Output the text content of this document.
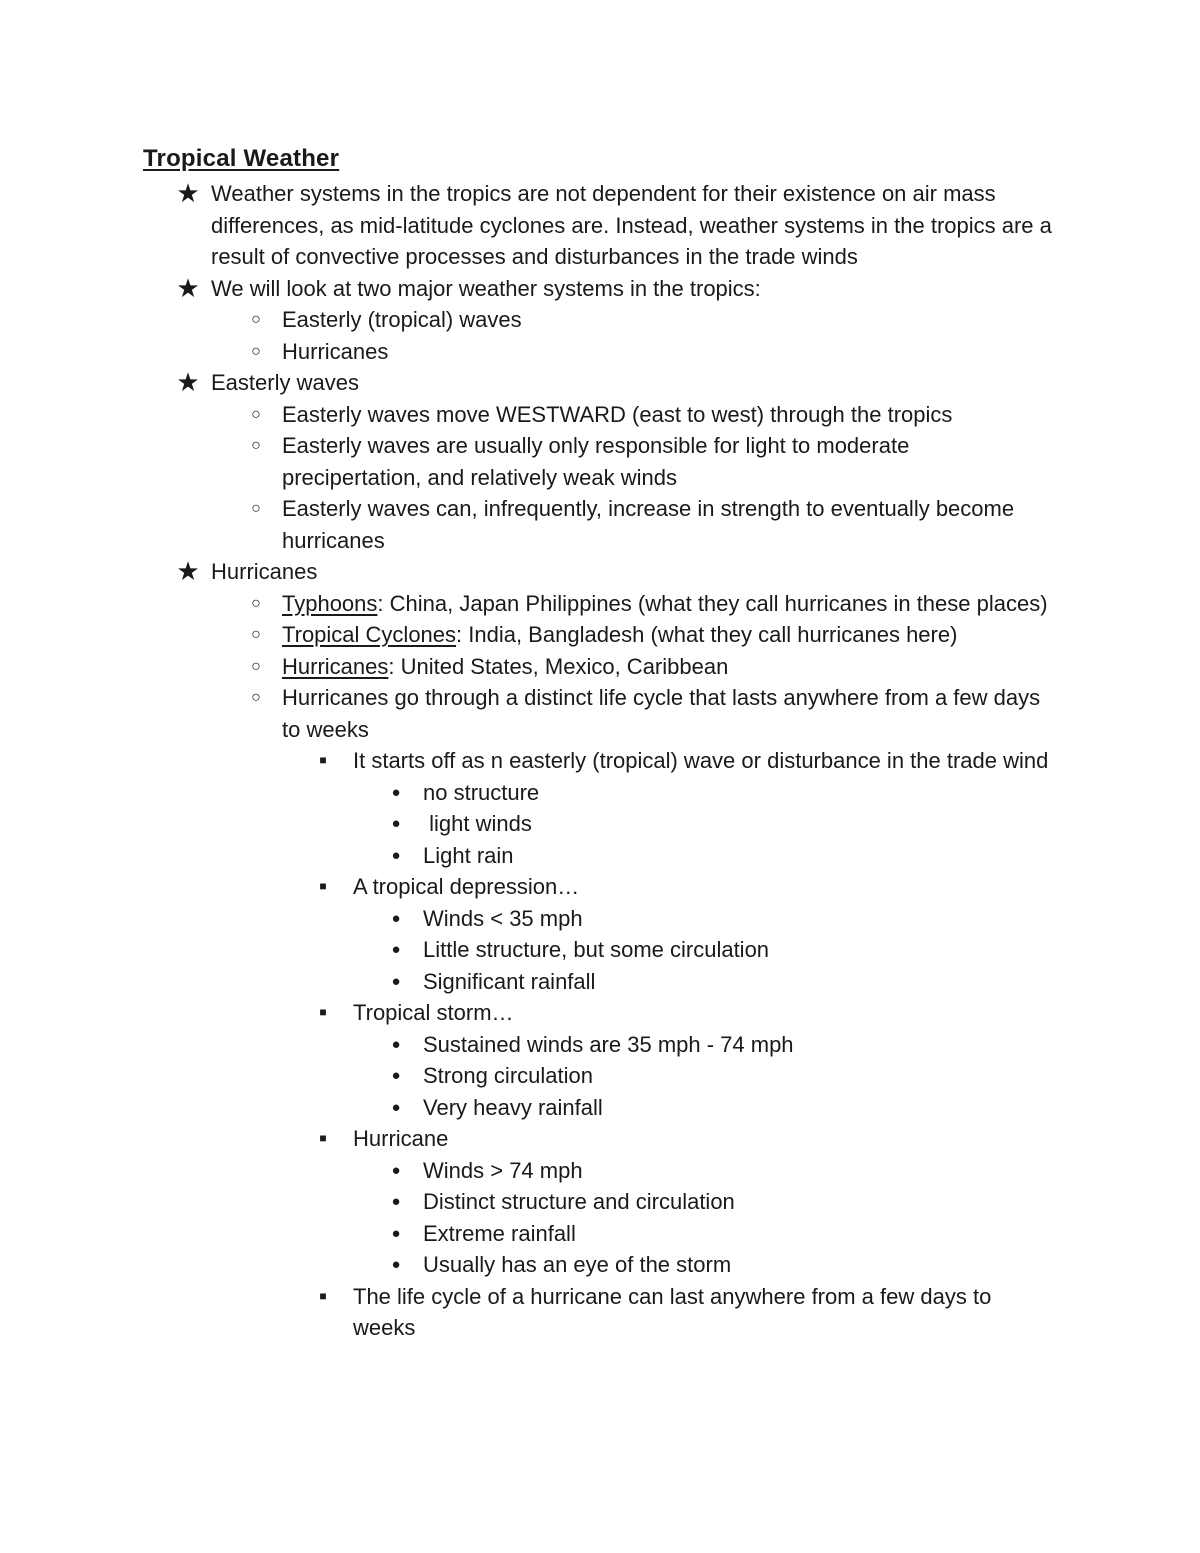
Tropical Weather
★ Weather systems in the tropics are not dependent for their existence on air mass differences, as mid-latitude cyclones are. Instead, weather systems in the tropics are a result of convective processes and disturbances in the trade winds
★ We will look at two major weather systems in the tropics:
○ Easterly (tropical) waves
○ Hurricanes
★ Easterly waves
○ Easterly waves move WESTWARD (east to west) through the tropics
○ Easterly waves are usually only responsible for light to moderate precipertation, and relatively weak winds
○ Easterly waves can, infrequently, increase in strength to eventually become hurricanes
★ Hurricanes
○ Typhoons: China, Japan Philippines (what they call hurricanes in these places)
○ Tropical Cyclones: India, Bangladesh (what they call hurricanes here)
○ Hurricanes: United States, Mexico, Caribbean
○ Hurricanes go through a distinct life cycle that lasts anywhere from a few days to weeks
■ It starts off as n easterly (tropical) wave or disturbance in the trade wind
● no structure
● light winds
● Light rain
■ A tropical depression…
● Winds < 35 mph
● Little structure, but some circulation
● Significant rainfall
■ Tropical storm…
● Sustained winds are 35 mph - 74 mph
● Strong circulation
● Very heavy rainfall
■ Hurricane
● Winds > 74 mph
● Distinct structure and circulation
● Extreme rainfall
● Usually has an eye of the storm
■ The life cycle of a hurricane can last anywhere from a few days to weeks
